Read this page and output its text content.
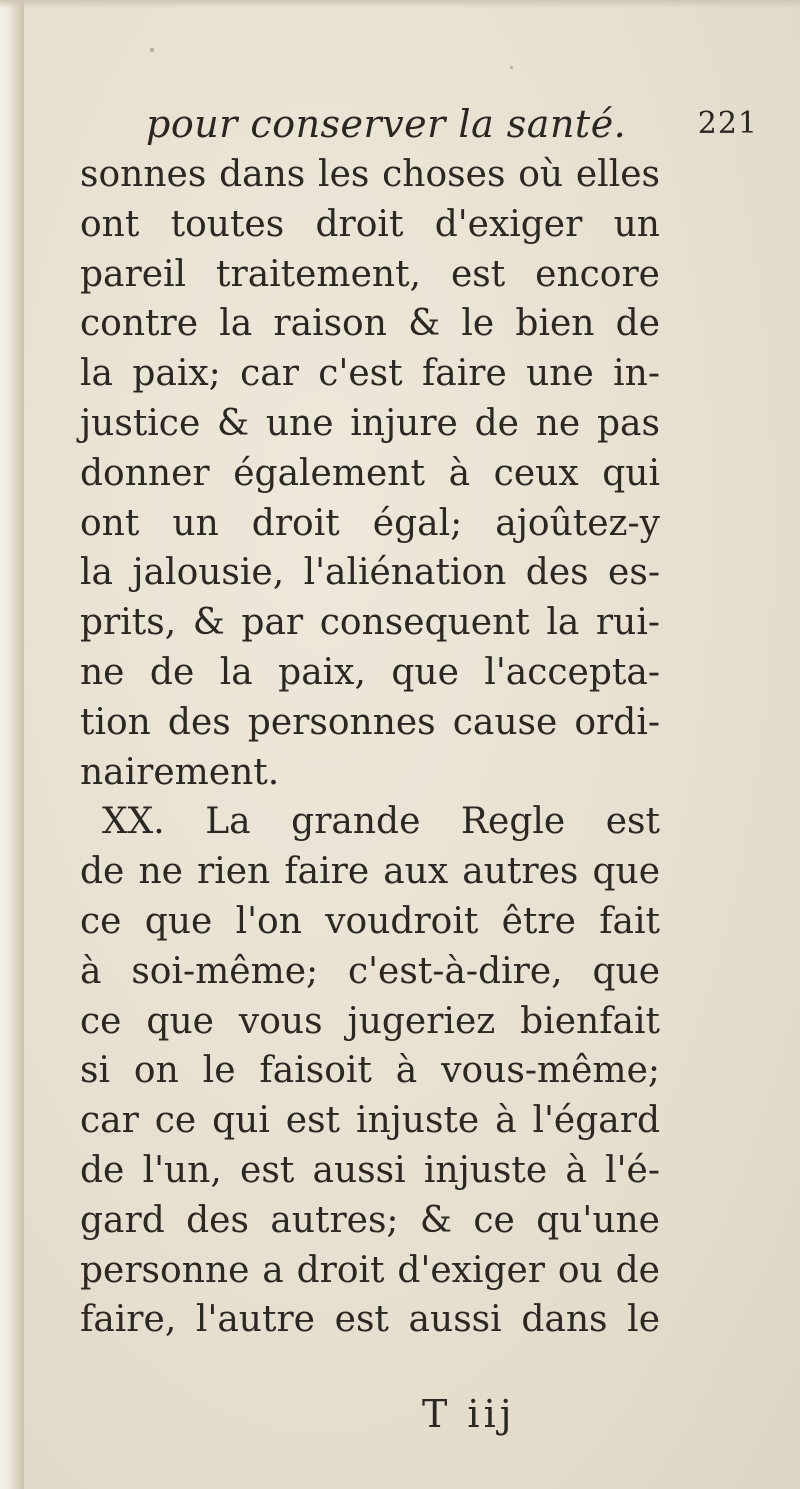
pour conserver la santé. 221
sonnes dans les choses où elles
ont toutes droit d'exiger un
pareil traitement, est encore
contre la raison & le bien de
la paix; car c'est faire une in-
justice & une injure de ne pas
donner également à ceux qui
ont un droit égal; ajoûtez-y
la jalousie, l'aliénation des es-
prits, & par consequent la rui-
ne de la paix, que l'accepta-
tion des personnes cause ordi-
nairement.
XX. La grande Regle est
de ne rien faire aux autres que
ce que l'on voudroit être fait
à soi-même; c'est-à-dire, que
ce que vous jugeriez bienfait
si on le faisoit à vous-même;
car ce qui est injuste à l'égard
de l'un, est aussi injuste à l'é-
gard des autres; & ce qu'une
personne a droit d'exiger ou de
faire, l'autre est aussi dans le
T iij
